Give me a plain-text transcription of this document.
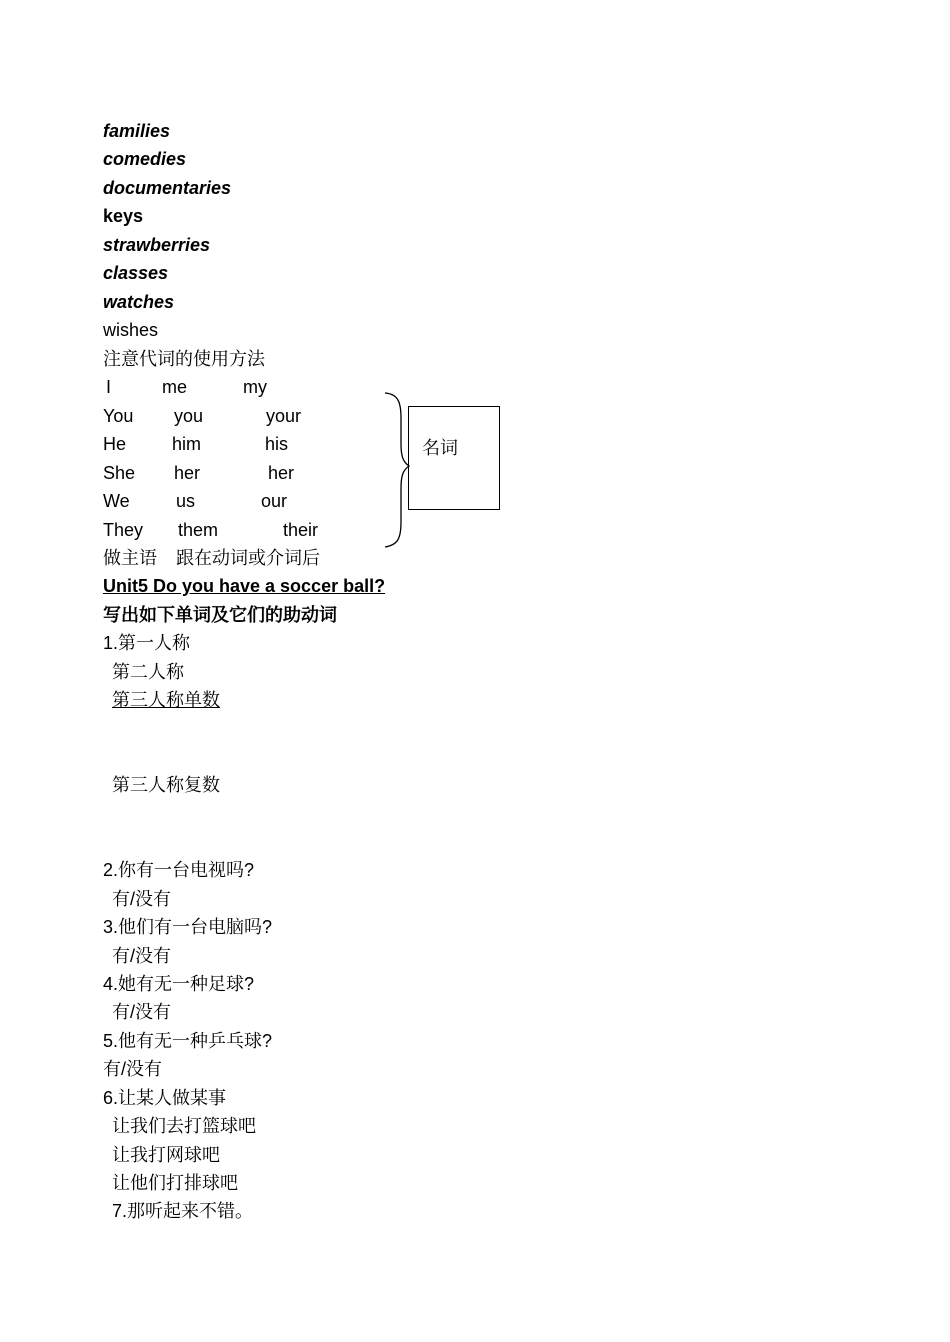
families
comedies
documentaries
keys
strawberries
classes
watches
wishes
注意代词的使用方法
I	me	my
You you	your
He	him	his
She her	her
We	us	our
They them	their
名词
做主语 跟在动词或介词后
Unit5 Do you have a soccer ball?
写出如下单词及它们的助动词
1.第一人称
第二人称
第三人称单数
第三人称复数
2.你有一台电视吗?
有/没有
3.他们有一台电脑吗?
有/没有
4.她有无一种足球?
有/没有
5.他有无一种乒乓球?
有/没有
6.让某人做某事
让我们去打篮球吧
让我打网球吧
让他们打排球吧
7.那听起来不错。
